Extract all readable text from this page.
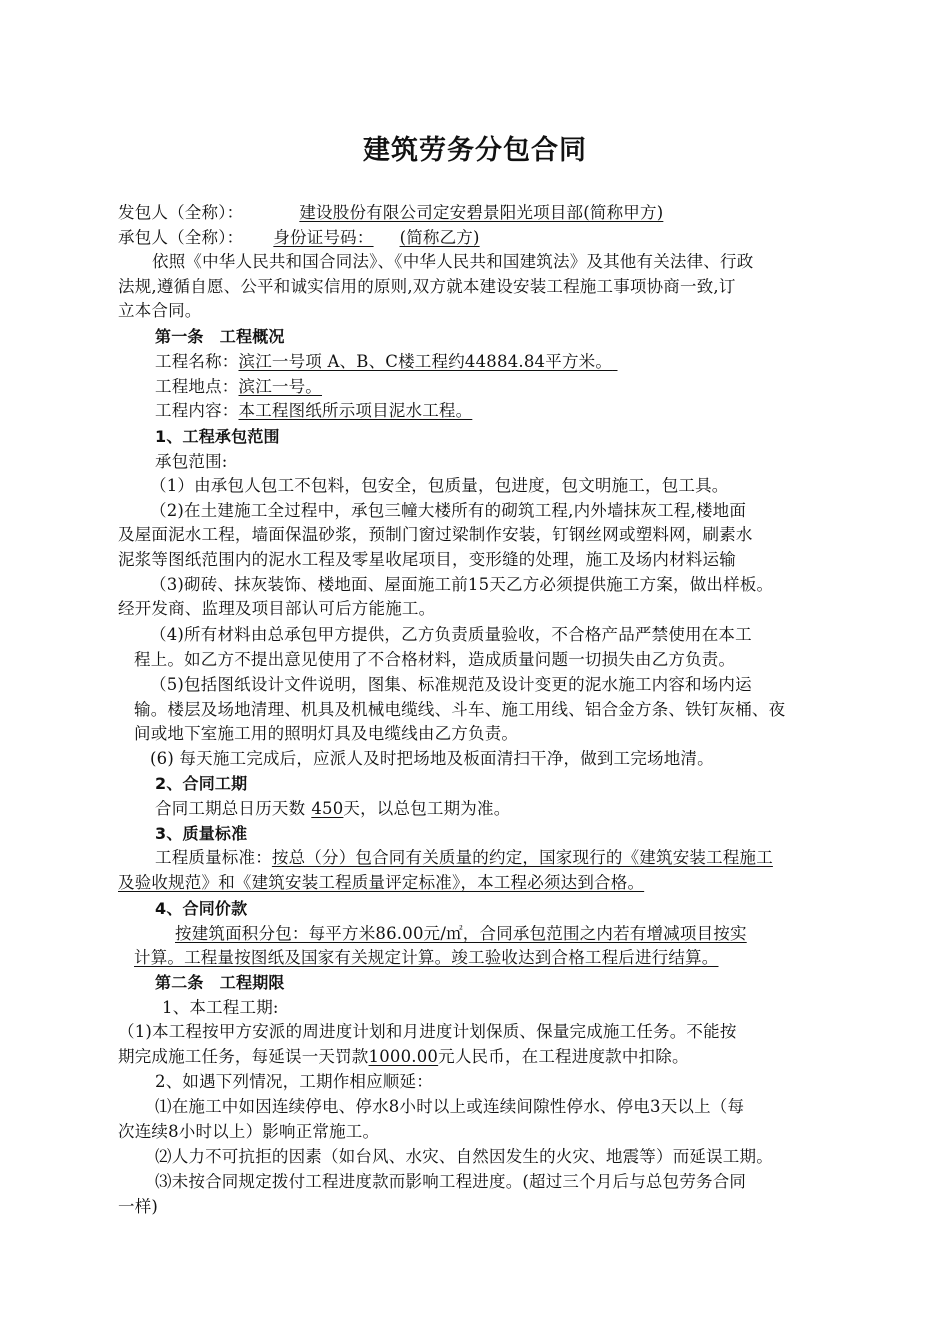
建筑劳务分包合同
发包人（全称）：	建设股份有限公司定安碧景阳光项目部(简称甲方)
承包人（全称）： 身份证号码： (简称乙方)
依照《中华人民共和国合同法》、《中华人民共和国建筑法》及其他有关法律、行政
法规,遵循自愿、公平和诚实信用的原则,双方就本建设安装工程施工事项协商一致,订
立本合同。
第一条　工程概况
工程名称：滨江一号项 A、B、C楼工程约44884.84平方米。
工程地点：滨江一号。
工程内容：本工程图纸所示项目泥水工程。
1、工程承包范围
承包范围:
（1）由承包人包工不包料，包安全，包质量，包进度，包文明施工，包工具。
（2)在土建施工全过程中，承包三幢大楼所有的砌筑工程,内外墙抹灰工程,楼地面
及屋面泥水工程，墙面保温砂浆，预制门窗过梁制作安装，钉钢丝网或塑料网，刷素水
泥浆等图纸范围内的泥水工程及零星收尾项目，变形缝的处理，施工及场内材料运输
（3)砌砖、抹灰装饰、楼地面、屋面施工前15天乙方必须提供施工方案，做出样板。
经开发商、监理及项目部认可后方能施工。
（4)所有材料由总承包甲方提供，乙方负责质量验收，不合格产品严禁使用在本工
程上。如乙方不提出意见使用了不合格材料，造成质量问题一切损失由乙方负责。
（5)包括图纸设计文件说明，图集、标准规范及设计变更的泥水施工内容和场内运
输。楼层及场地清理、机具及机械电缆线、斗车、施工用线、铝合金方条、铁钉灰桶、夜
间或地下室施工用的照明灯具及电缆线由乙方负责。
(6) 每天施工完成后，应派人及时把场地及板面清扫干净，做到工完场地清。
2、合同工期
合同工期总日历天数 450天，以总包工期为准。
3、质量标准
工程质量标准：按总（分）包合同有关质量的约定，国家现行的《建筑安装工程施工
及验收规范》和《建筑安装工程质量评定标准》，本工程必须达到合格。
4、合同价款
按建筑面积分包：每平方米86.00元/㎡，合同承包范围之内若有增减项目按实
计算。工程量按图纸及国家有关规定计算。竣工验收达到合格工程后进行结算。
第二条　工程期限
1、本工程工期:
（1)本工程按甲方安派的周进度计划和月进度计划保质、保量完成施工任务。不能按
期完成施工任务，每延误一天罚款1000.00元人民币，在工程进度款中扣除。
2、如遇下列情况，工期作相应顺延：
⑴在施工中如因连续停电、停水8小时以上或连续间隙性停水、停电3天以上（每
次连续8小时以上）影响正常施工。
⑵人力不可抗拒的因素（如台风、水灾、自然因发生的火灾、地震等）而延误工期。
⑶未按合同规定拨付工程进度款而影响工程进度。(超过三个月后与总包劳务合同
一样)
